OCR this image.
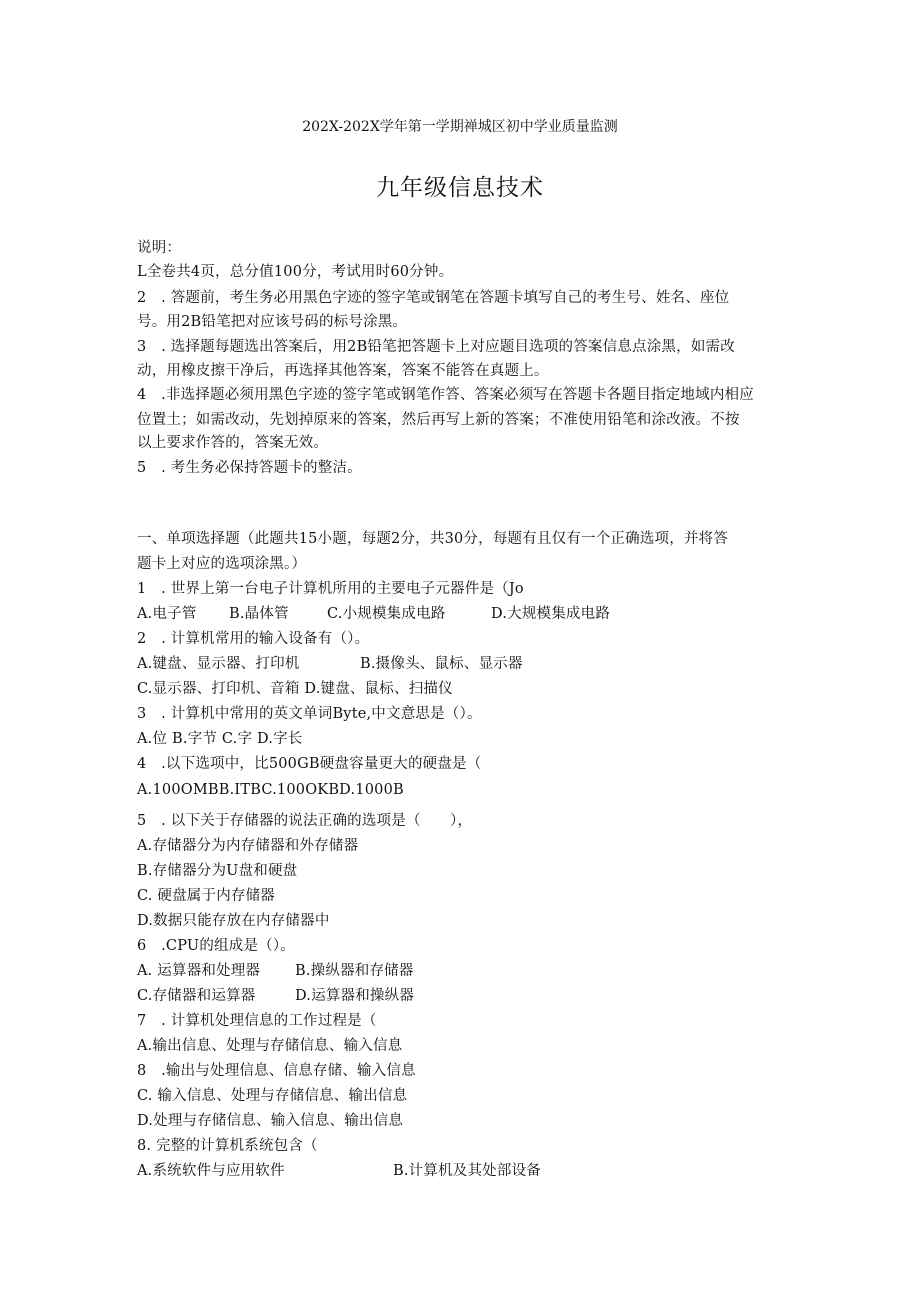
202X-202X学年第一学期禅城区初中学业质量监测
九年级信息技术
说明：
L全卷共4页，总分值100分，考试用时60分钟。
2　. 答题前，考生务必用黑色字迹的签字笔或钢笔在答题卡填写自己的考生号、姓名、座位
号。用2B铅笔把对应该号码的标号涂黑。
3　. 选择题每题选出答案后，用2B铅笔把答题卡上对应题目选项的答案信息点涂黑，如需改
动，用橡皮擦干净后，再选择其他答案，答案不能答在真题上。
4　.非选择题必须用黑色字迹的签字笔或钢笔作答、答案必须写在答题卡各题目指定地域内相应
位置土；如需改动，先划掉原来的答案，然后再写上新的答案；不准使用铅笔和涂改液。不按
以上要求作答的，答案无效。
5　. 考生务必保持答题卡的整洁。
一、单项选择题（此题共15小题，每题2分，共30分，每题有且仅有一个正确选项，并将答
题卡上对应的选项涂黑。）
1　. 世界上第一台电子计算机所用的主要电子元器件是（Jo
A.电子管 B.晶体管	C.小规模集成电路	D.大规模集成电路
2　. 计算机常用的输入设备有（）。
A.键盘、显示器、打印机	B.摄像头、鼠标、显示器
C.显示器、打印机、音箱 D.键盘、鼠标、扫描仪
3　. 计算机中常用的英文单词Byte,中文意思是（）。
A.位 B.字节 C.字 D.字长
4　.以下选项中，比500GB硬盘容量更大的硬盘是（
A.100OMBB.ITBC.100OKBD.1000B
5　. 以下关于存储器的说法正确的选项是（　　），
A.存储器分为内存储器和外存储器
B.存储器分为U盘和硬盘
C. 硬盘属于内存储器
D.数据只能存放在内存储器中
6　.CPU的组成是（）。
A. 运算器和处理器 B.操纵器和存储器
C.存储器和运算器	D.运算器和操纵器
7　. 计算机处理信息的工作过程是（
A.输出信息、处理与存储信息、输入信息
8　.输出与处理信息、信息存储、输入信息
C. 输入信息、处理与存储信息、输出信息
D.处理与存储信息、输入信息、输出信息
8. 完整的计算机系统包含（
A.系统软件与应用软件	B.计算机及其处部设备
